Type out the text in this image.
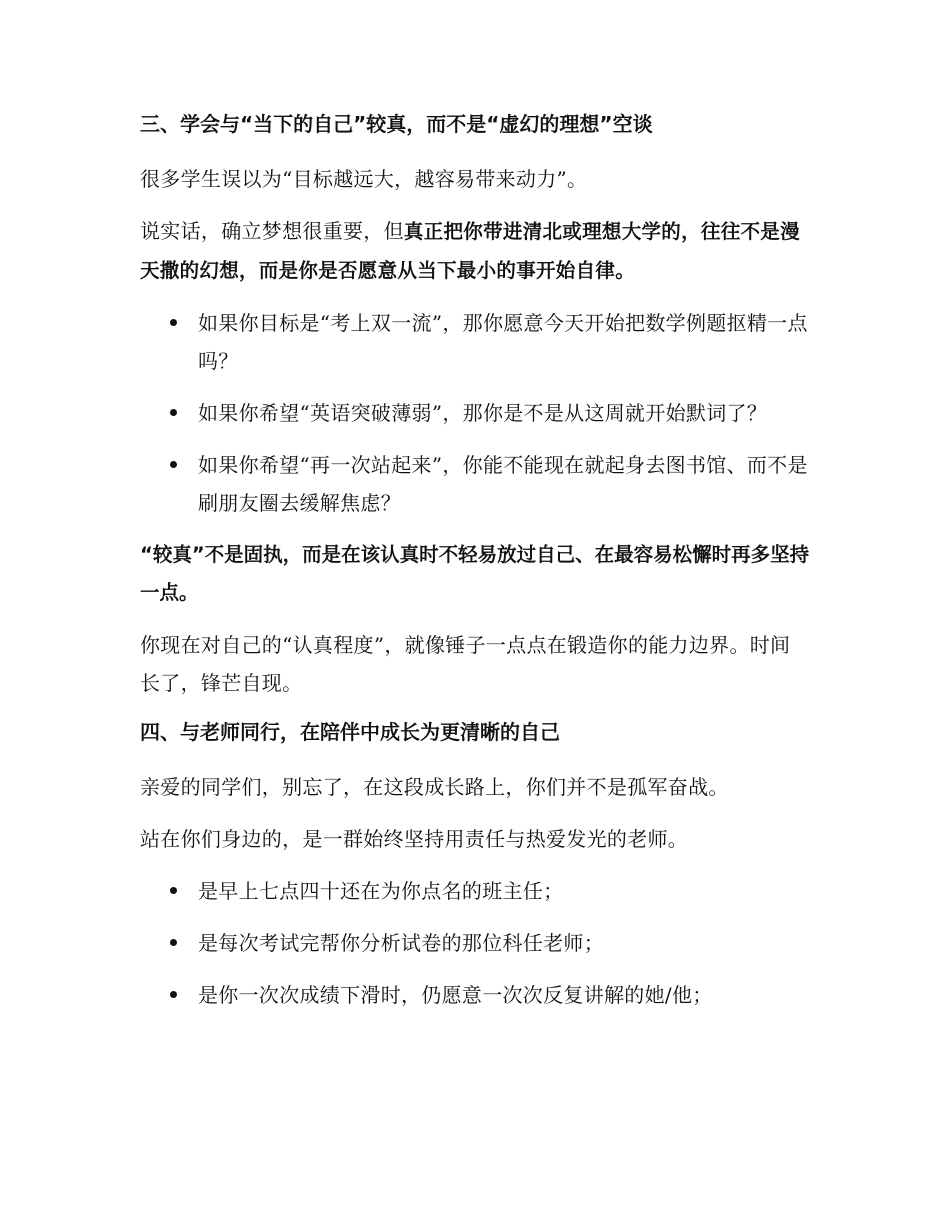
三、学会与“当下的自己”较真，而不是“虚幻的理想”空谈

很多学生误以为“目标越远大，越容易带来动力”。

说实话，确立梦想很重要，但真正把你带进清北或理想大学的，往往不是漫天撒的幻想，而是你是否愿意从当下最小的事开始自律。

如果你目标是“考上双一流”，那你愿意今天开始把数学例题抠精一点吗？
如果你希望“英语突破薄弱”，那你是不是从这周就开始默词了？
如果你希望“再一次站起来”，你能不能现在就起身去图书馆、而不是刷朋友圈去缓解焦虑？

“较真”不是固执，而是在该认真时不轻易放过自己、在最容易松懈时再多坚持一点。

你现在对自己的“认真程度”，就像锤子一点点在锻造你的能力边界。时间长了，锋芒自现。

四、与老师同行，在陪伴中成长为更清晰的自己

亲爱的同学们，别忘了，在这段成长路上，你们并不是孤军奋战。

站在你们身边的，是一群始终坚持用责任与热爱发光的老师。

是早上七点四十还在为你点名的班主任；
是每次考试完帮你分析试卷的那位科任老师；
是你一次次成绩下滑时，仍愿意一次次反复讲解的她/他；
